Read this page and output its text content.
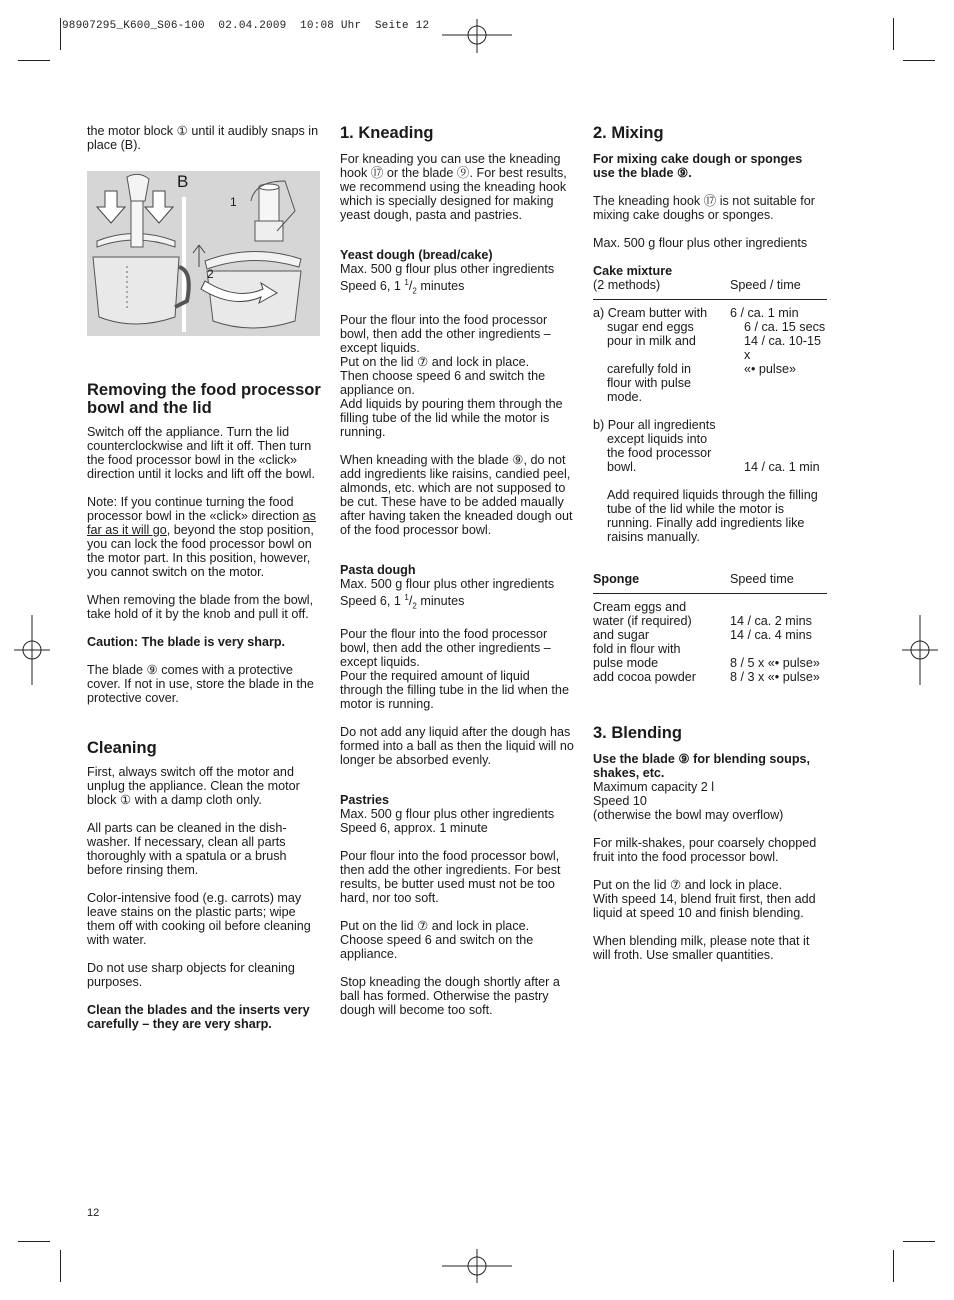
98907295_K600_S06-100  02.04.2009  10:08 Uhr  Seite 12

the motor block ① until it audibly snaps in place (B).

B
1
2
Removing the food processor bowl and the lid

Switch off the appliance. Turn the lid counterclockwise and lift it off. Then turn the food processor bowl in the «click» direction until it locks and lift off the bowl.

Note: If you continue turning the food processor bowl in the «click» direction as far as it will go, beyond the stop position, you can lock the food processor bowl on the motor part. In this position, however, you cannot switch on the motor.

When removing the blade from the bowl, take hold of it by the knob and pull it off.

Caution: The blade is very sharp.

The blade ⑨ comes with a protective cover. If not in use, store the blade in the protective cover.

Cleaning

First, always switch off the motor and unplug the appliance. Clean the motor block ① with a damp cloth only.

All parts can be cleaned in the dishwasher. If necessary, clean all parts thoroughly with a spatula or a brush before rinsing them.

Color-intensive food (e.g. carrots) may leave stains on the plastic parts; wipe them off with cooking oil before cleaning with water.

Do not use sharp objects for cleaning purposes.

Clean the blades and the inserts very carefully – they are very sharp.

1. Kneading

For kneading you can use the kneading hook ⑰ or the blade ⑨. For best results, we recommend using the kneading hook which is specially designed for making yeast dough, pasta and pastries.

Yeast dough (bread/cake)

Max. 500 g flour plus other ingredients

Speed 6, 1 $^1/_2$ minutes

Pour the flour into the food processor bowl, then add the other ingredients – except liquids.

Put on the lid ⑦ and lock in place.

Then choose speed 6 and switch the appliance on.

Add liquids by pouring them through the filling tube of the lid while the motor is running.

When kneading with the blade ⑨, do not add ingredients like raisins, candied peel, almonds, etc. which are not supposed to be cut. These have to be added maually after having taken the kneaded dough out of the food processor bowl.

Pasta dough

Max. 500 g flour plus other ingredients

Speed 6, 1 $^1/_2$ minutes

Pour the flour into the food processor bowl, then add the other ingredients – except liquids.

Pour the required amount of liquid through the filling tube in the lid when the motor is running.

Do not add any liquid after the dough has formed into a ball as then the liquid will no longer be absorbed evenly.

Pastries

Max. 500 g flour plus other ingredients

Speed 6, approx. 1 minute

Pour flour into the food processor bowl, then add the other ingredients. For best results, be butter used must not be too hard, nor too soft.

Put on the lid ⑦ and lock in place. Choose speed 6 and switch on the appliance.

Stop kneading the dough shortly after a ball has formed. Otherwise the pastry dough will become too soft.

2. Mixing

For mixing cake dough or sponges use the blade ⑨.

The kneading hook ⑰ is not suitable for mixing cake doughs or sponges.

Max. 500 g flour plus other ingredients

Cake mixture

(2 methods)	Speed / time
a) Cream butter with	6 / ca. 1 min
sugar end eggs	6 / ca. 15 secs
pour in milk and	14 / ca. 10-15 x
carefully fold in	«• pulse»
flour with pulse
mode.
b) Pour all ingredients
except liquids into
the food processor
bowl.	14 / ca. 1 min

Add required liquids through the filling tube of the lid while the motor is running. Finally add ingredients like raisins manually.

Sponge	Speed time
Cream eggs and
water (if required)	14 / ca. 2 mins
and sugar	14 / ca. 4 mins
fold in flour with
pulse mode	8 / 5 x «• pulse»
add cocoa powder	8 / 3 x «• pulse»
3. Blending

Use the blade ⑨ for blending soups, shakes, etc.

Maximum capacity 2 l

Speed 10

(otherwise the bowl may overflow)

For milk-shakes, pour coarsely chopped fruit into the food processor bowl.

Put on the lid ⑦ and lock in place.

With speed 14, blend fruit first, then add liquid at speed 10 and finish blending.

When blending milk, please note that it will froth. Use smaller quantities.

12
